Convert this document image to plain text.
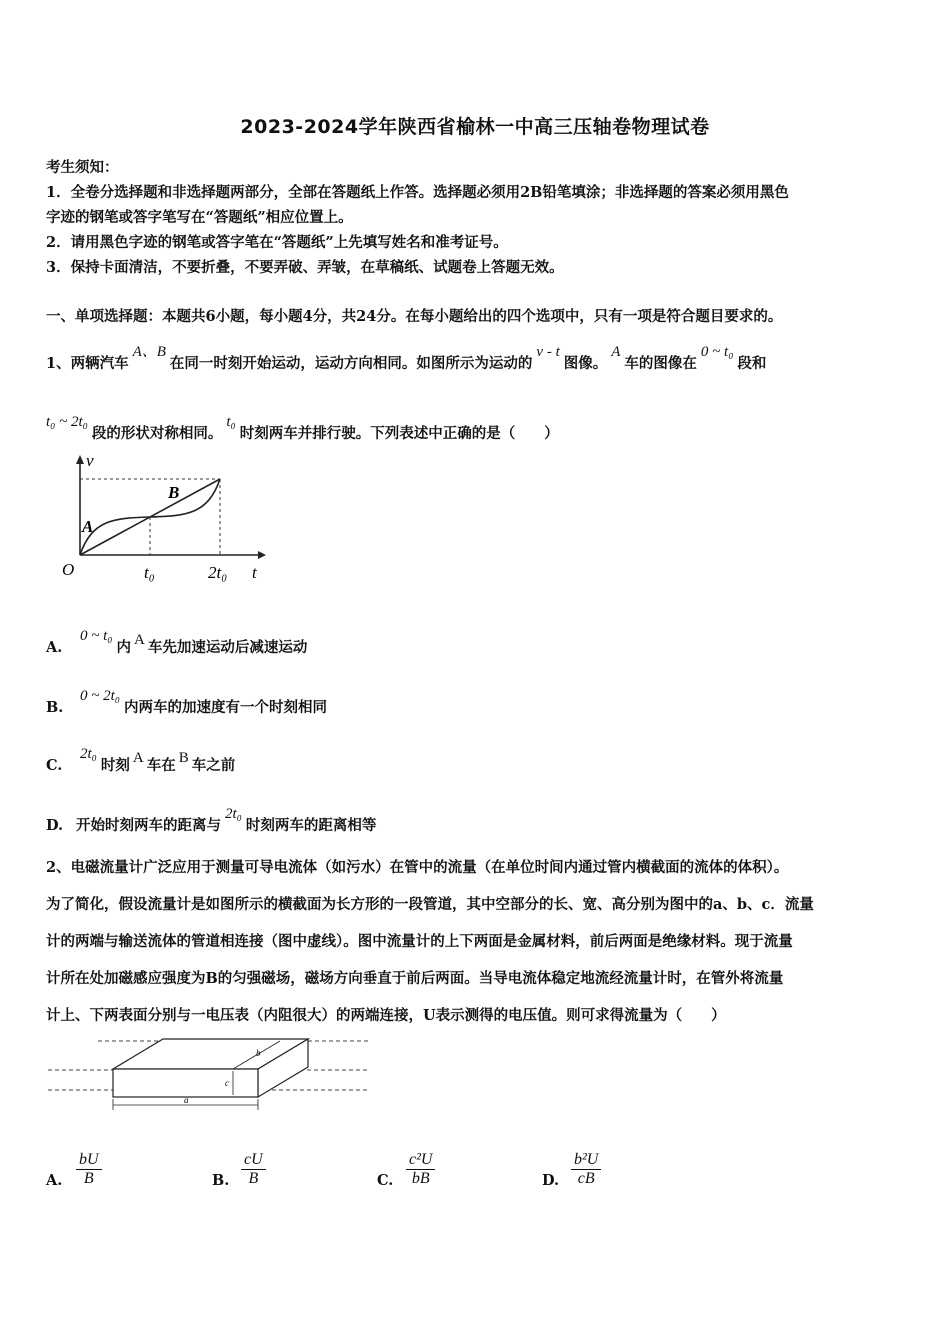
2023-2024学年陕西省榆林一中高三压轴卷物理试卷
考生须知：
1．全卷分选择题和非选择题两部分，全部在答题纸上作答。选择题必须用2B铅笔填涂；非选择题的答案必须用黑色
字迹的钢笔或答字笔写在“答题纸”相应位置上。
2．请用黑色字迹的钢笔或答字笔在“答题纸”上先填写姓名和准考证号。
3．保持卡面清洁，不要折叠，不要弄破、弄皱，在草稿纸、试题卷上答题无效。
一、单项选择题：本题共6小题，每小题4分，共24分。在每小题给出的四个选项中，只有一项是符合题目要求的。
1、两辆汽车A、B在同一时刻开始运动，运动方向相同。如图所示为运动的v - t图像。A车的图像在0 ~ t₀段和
t₀ ~ 2t₀段的形状对称相同。t₀时刻两车并排行驶。下列表述中正确的是（　　）
v
t
O
A
B
t₀	2t₀
A.0 ~ t₀内 A 车先加速运动后减速运动
B.0 ~ 2t₀内两车的加速度有一个时刻相同
C.2t₀时刻 A 车在 B 车之前
D. 开始时刻两车的距离与2t₀时刻两车的距离相等
2、电磁流量计广泛应用于测量可导电流体（如污水）在管中的流量（在单位时间内通过管内横截面的流体的体积）。
为了简化，假设流量计是如图所示的横截面为长方形的一段管道，其中空部分的长、宽、高分别为图中的a、b、c．流量
计的两端与输送流体的管道相连接（图中虚线）。图中流量计的上下两面是金属材料，前后两面是绝缘材料。现于流量
计所在处加磁感应强度为B的匀强磁场，磁场方向垂直于前后两面。当导电流体稳定地流经流量计时，在管外将流量
计上、下两表面分别与一电压表（内阻很大）的两端连接，U表示测得的电压值。则可求得流量为（　　）
b
c
a
A. $\frac{bU}{B}$	B. $\frac{cU}{B}$	C. $\frac{\text{c²U}}{bB}$	D. $\frac{\text{b²U}}{cB}$
